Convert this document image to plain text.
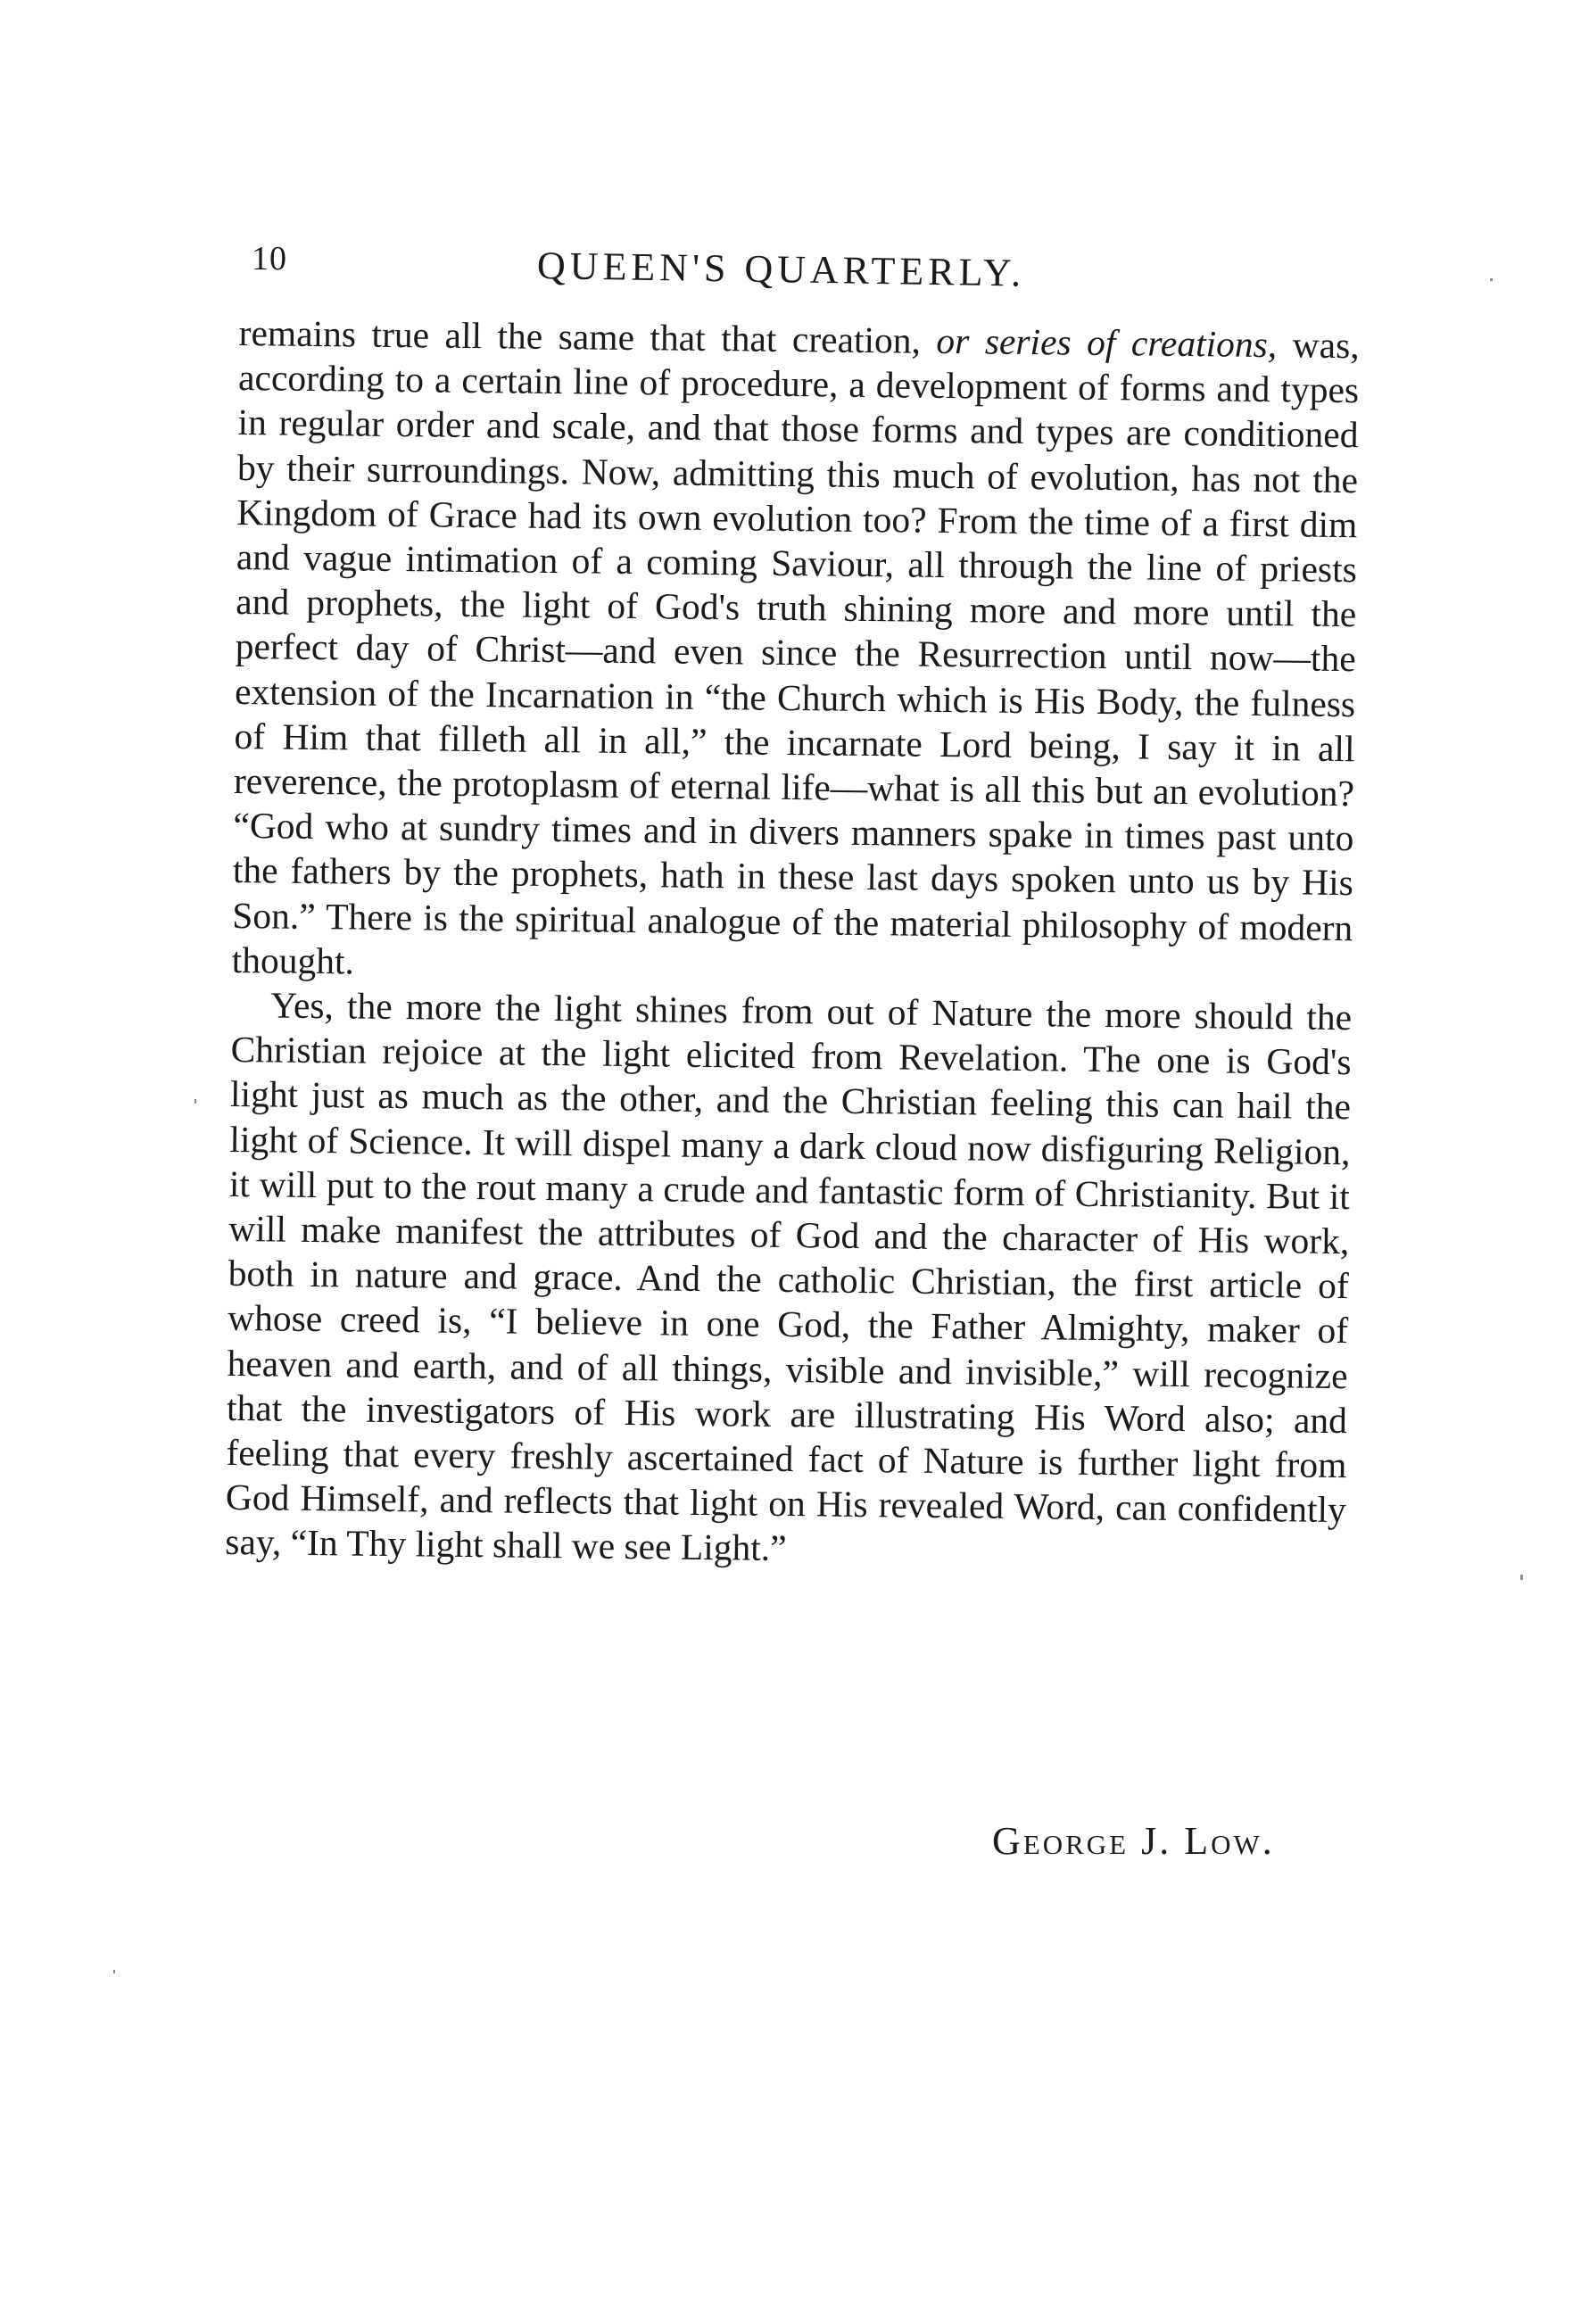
10	QUEEN'S QUARTERLY.

remains true all the same that that creation, or series of creations, was, according to a certain line of procedure, a development of forms and types in regular order and scale, and that those forms and types are conditioned by their surroundings. Now, admitting this much of evolution, has not the Kingdom of Grace had its own evolution too? From the time of a first dim and vague intimation of a coming Saviour, all through the line of priests and prophets, the light of God's truth shining more and more until the perfect day of Christ—and even since the Resurrection until now—the extension of the Incarnation in “the Church which is His Body, the fulness of Him that filleth all in all,” the incarnate Lord being, I say it in all reverence, the protoplasm of eternal life—what is all this but an evolution? “God who at sundry times and in divers manners spake in times past unto the fathers by the prophets, hath in these last days spoken unto us by His Son.” There is the spiritual analogue of the material philosophy of modern thought.

Yes, the more the light shines from out of Nature the more should the Christian rejoice at the light elicited from Revelation. The one is God's light just as much as the other, and the Christian feeling this can hail the light of Science. It will dispel many a dark cloud now disfiguring Religion, it will put to the rout many a crude and fantastic form of Christianity. But it will make manifest the attributes of God and the character of His work, both in nature and grace. And the catholic Christian, the first article of whose creed is, “I believe in one God, the Father Almighty, maker of heaven and earth, and of all things, visible and invisible,” will recognize that the investigators of His work are illustrating His Word also; and feeling that every freshly ascertained fact of Nature is further light from God Himself, and reflects that light on His revealed Word, can confidently say, “In Thy light shall we see Light.”

George J. Low.
